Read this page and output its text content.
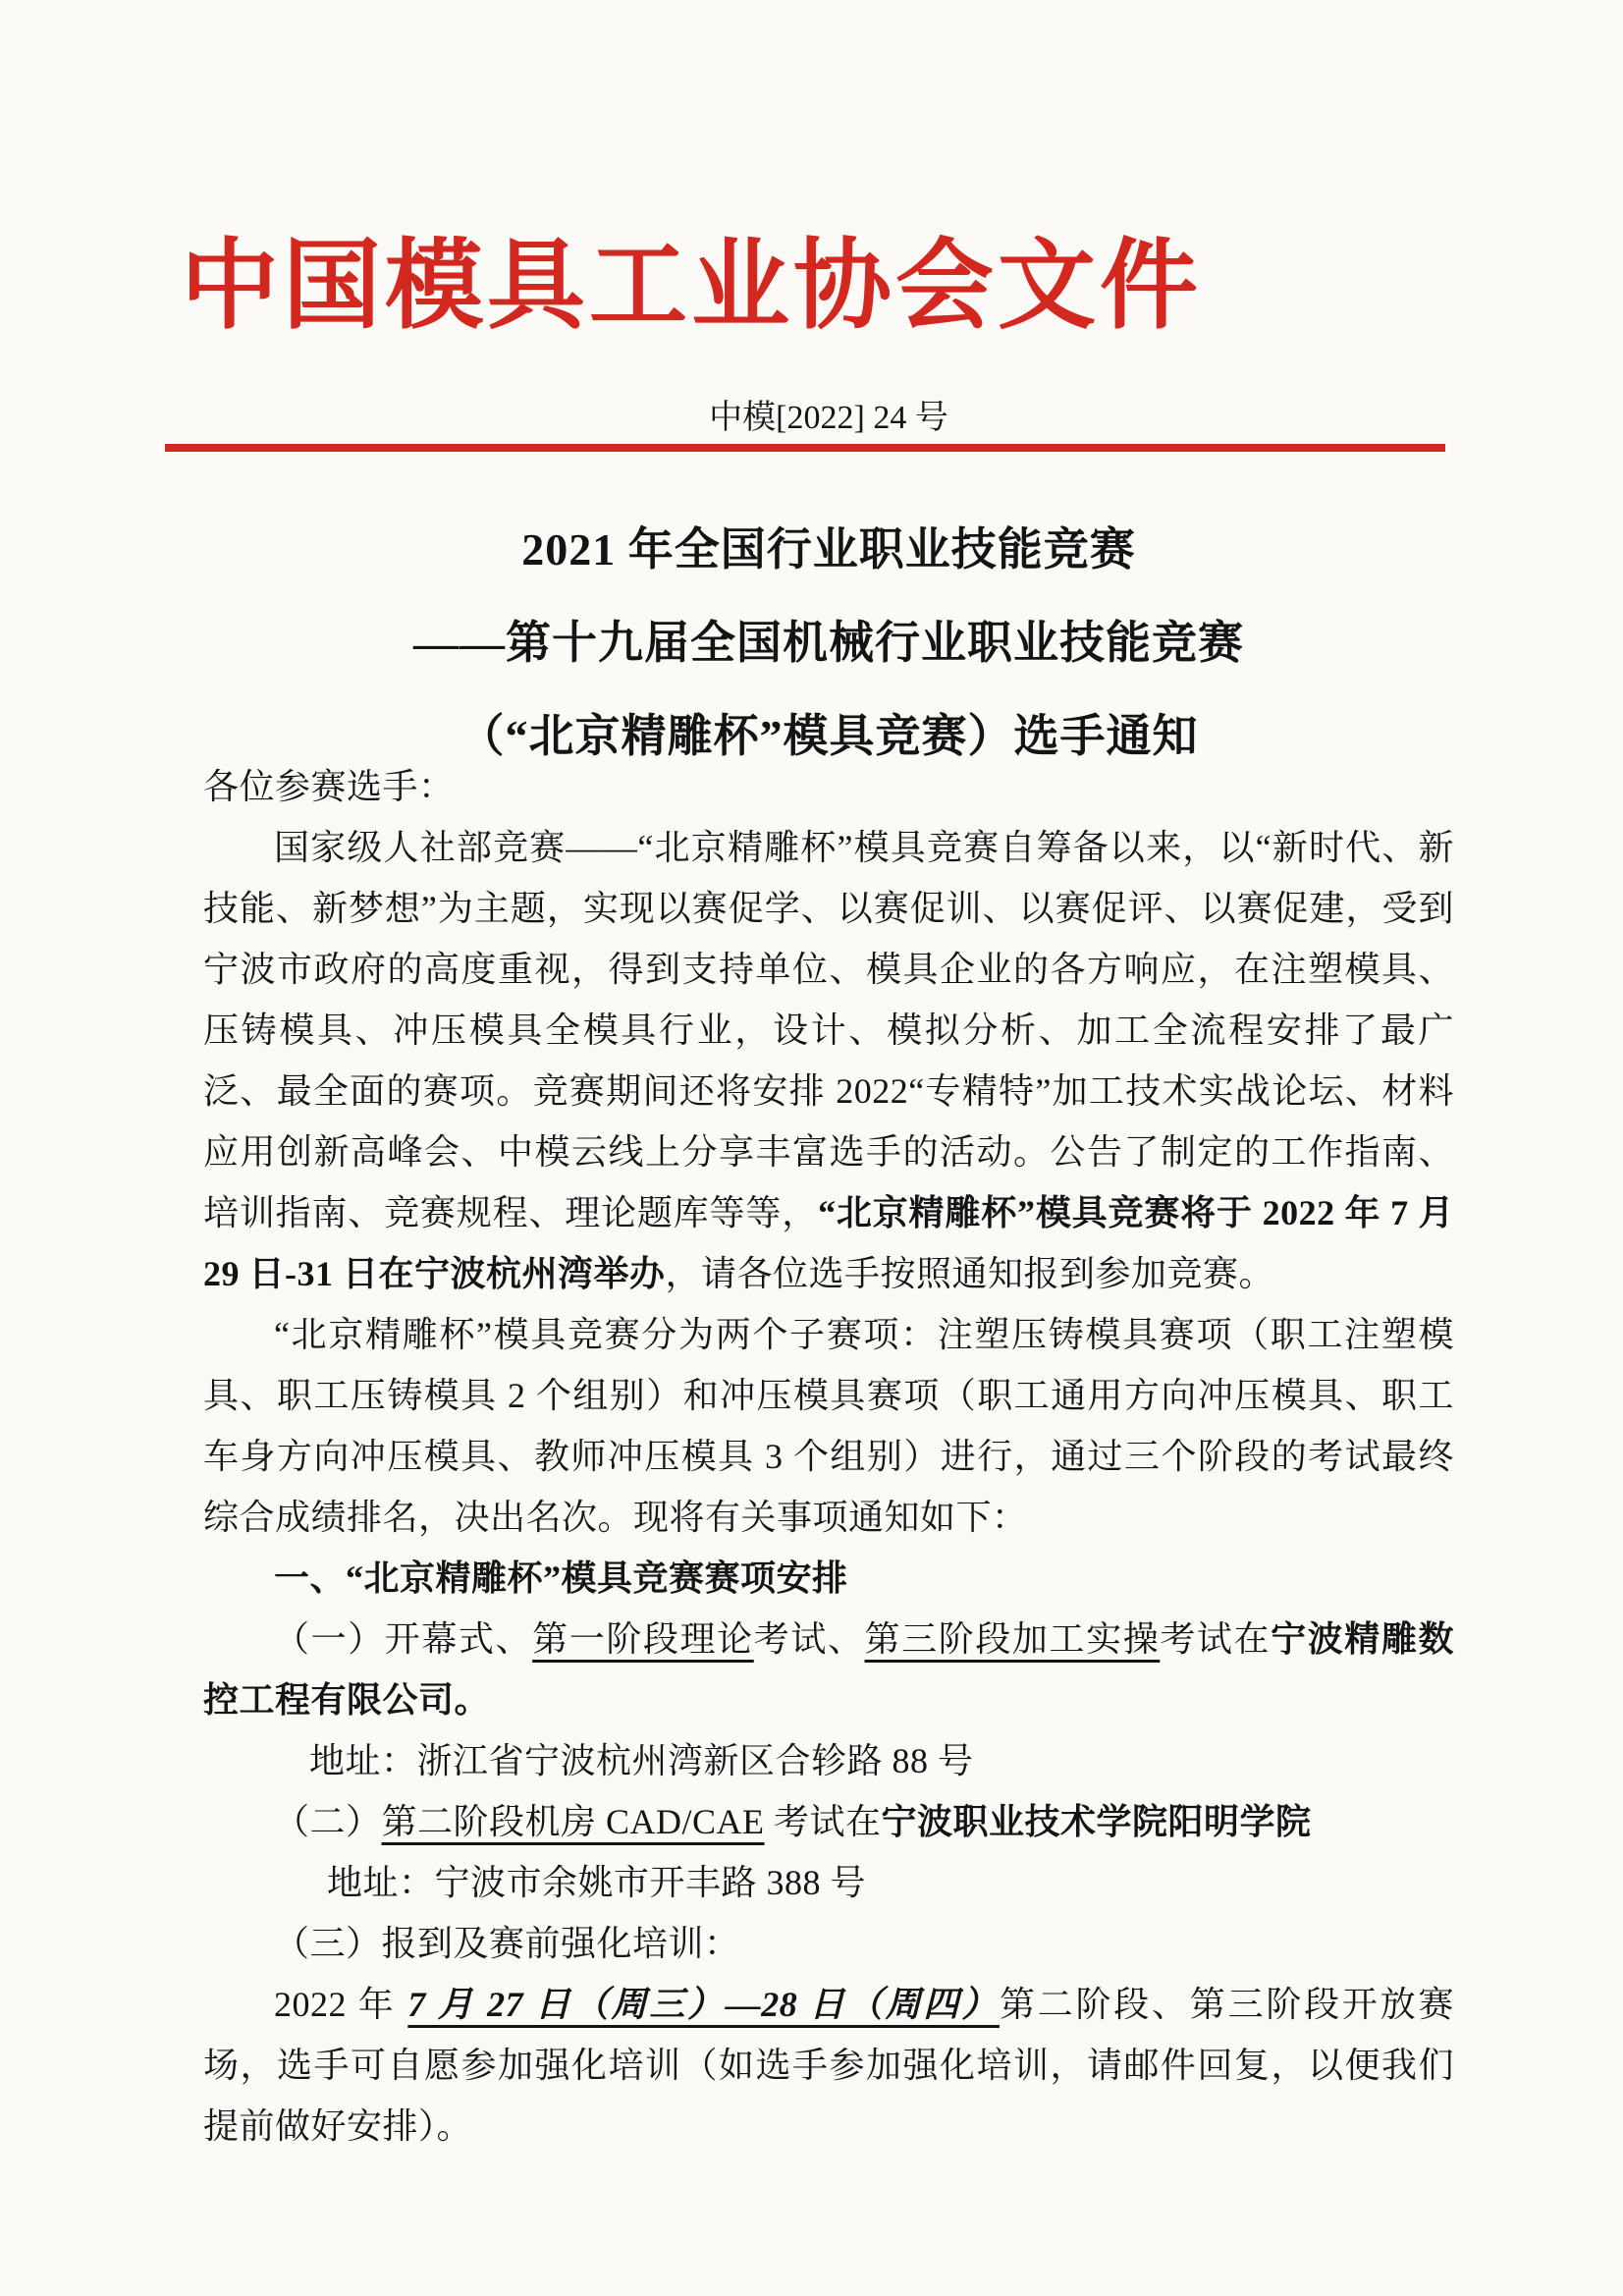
中国模具工业协会文件
中模[2022] 24 号
2021 年全国行业职业技能竞赛
——第十九届全国机械行业职业技能竞赛
（“北京精雕杯”模具竞赛）选手通知

各位参赛选手：

国家级人社部竞赛——“北京精雕杯”模具竞赛自筹备以来，以“新时代、新技能、新梦想”为主题，实现以赛促学、以赛促训、以赛促评、以赛促建，受到宁波市政府的高度重视，得到支持单位、模具企业的各方响应，在注塑模具、压铸模具、冲压模具全模具行业，设计、模拟分析、加工全流程安排了最广泛、最全面的赛项。竞赛期间还将安排 2022“专精特”加工技术实战论坛、材料应用创新高峰会、中模云线上分享丰富选手的活动。公告了制定的工作指南、培训指南、竞赛规程、理论题库等等，“北京精雕杯”模具竞赛将于 2022 年 7 月 29 日-31 日在宁波杭州湾举办，请各位选手按照通知报到参加竞赛。

“北京精雕杯”模具竞赛分为两个子赛项：注塑压铸模具赛项（职工注塑模具、职工压铸模具 2 个组别）和冲压模具赛项（职工通用方向冲压模具、职工车身方向冲压模具、教师冲压模具 3 个组别）进行，通过三个阶段的考试最终综合成绩排名，决出名次。现将有关事项通知如下：

一、“北京精雕杯”模具竞赛赛项安排

（一）开幕式、第一阶段理论考试、第三阶段加工实操考试在宁波精雕数控工程有限公司。

地址：浙江省宁波杭州湾新区合轸路 88 号

（二）第二阶段机房 CAD/CAE 考试在宁波职业技术学院阳明学院

地址：宁波市余姚市开丰路 388 号

（三）报到及赛前强化培训：

2022 年 7 月 27 日（周三）—28 日（周四）第二阶段、第三阶段开放赛场，选手可自愿参加强化培训（如选手参加强化培训，请邮件回复，以便我们提前做好安排）。
